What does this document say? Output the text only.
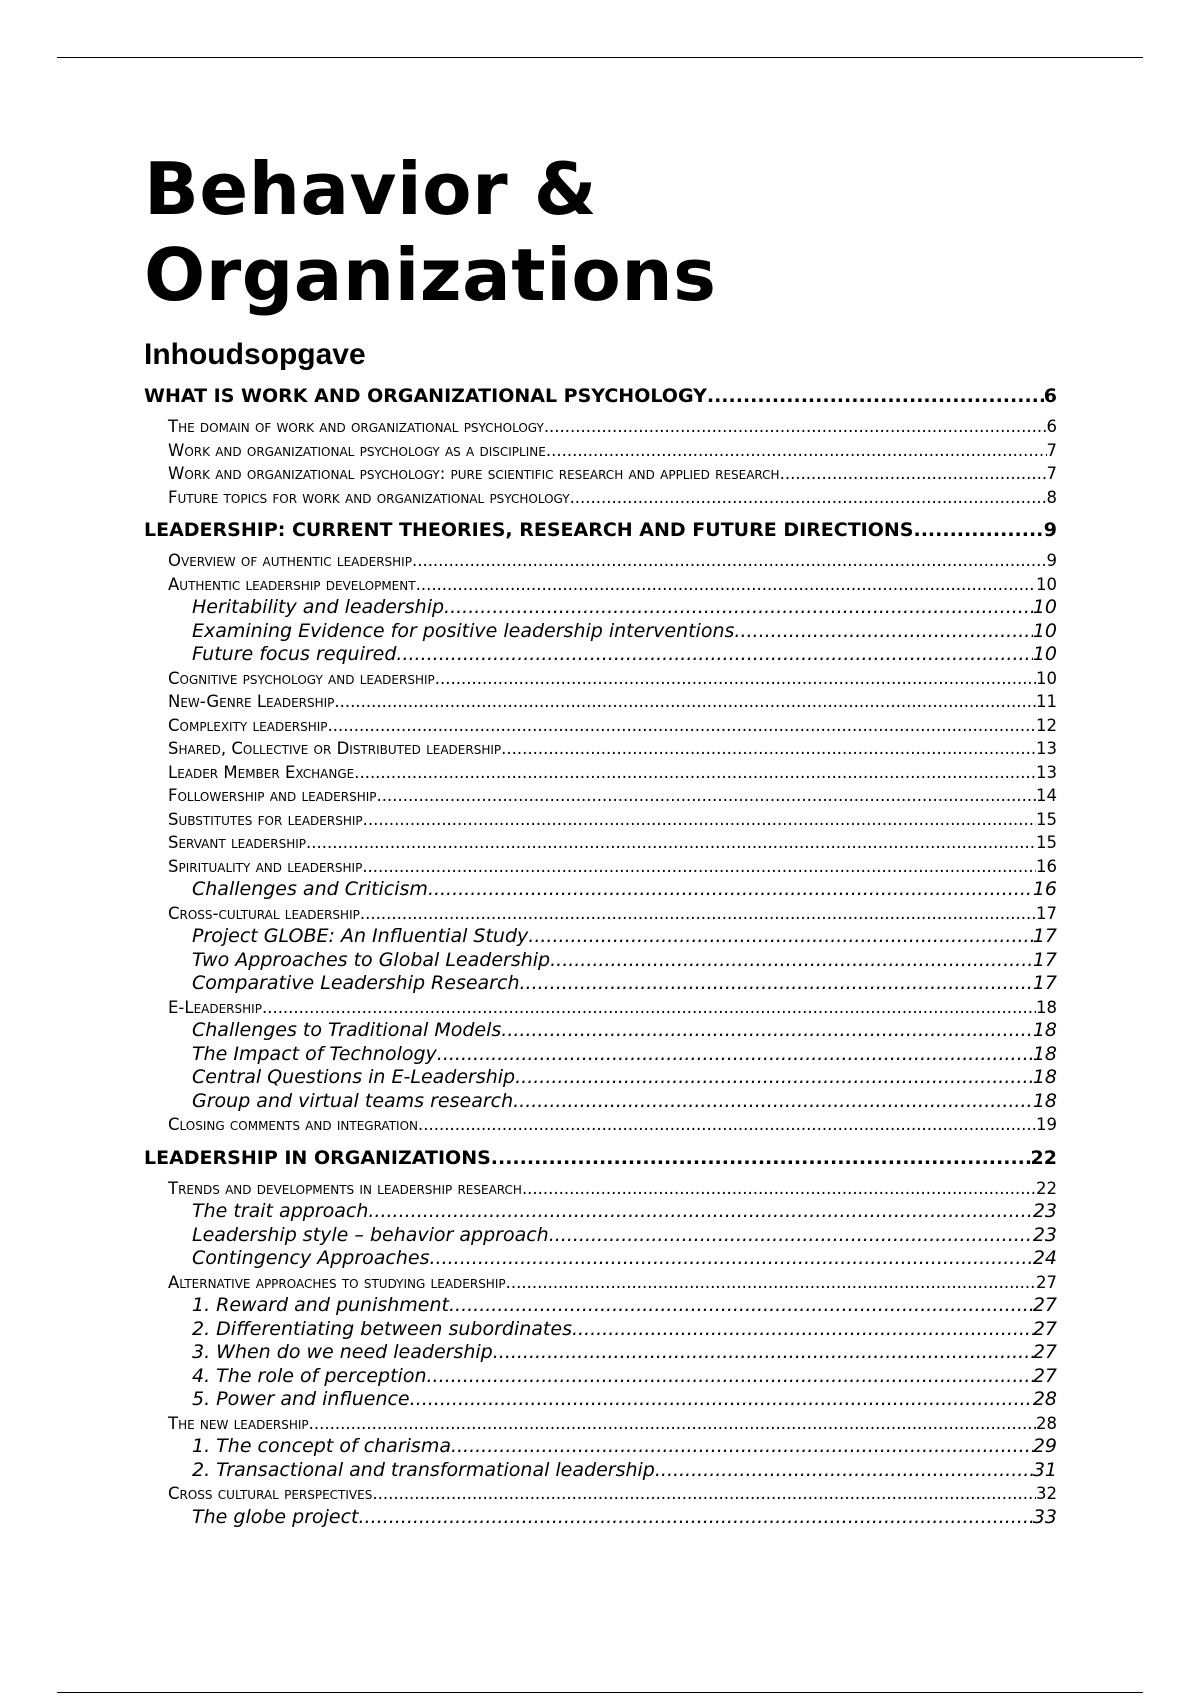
Behavior &
Organizations
Inhoudsopgave
WHAT IS WORK AND ORGANIZATIONAL PSYCHOLOGY .....	6
The domain of work and organizational psychology .....	6
Work and organizational psychology as a discipline .....	7
Work and organizational psychology: pure scientific research and applied research .....	7
Future topics for work and organizational psychology .....	8
LEADERSHIP: CURRENT THEORIES, RESEARCH AND FUTURE DIRECTIONS .....	9
Overview of authentic leadership .....	9
Authentic leadership development .....	10
Heritability and leadership .....	10
Examining Evidence for positive leadership interventions .....	10
Future focus required .....	10
Cognitive psychology and leadership .....	10
New-Genre Leadership .....	11
Complexity leadership .....	12
Shared, Collective or Distributed leadership .....	13
Leader Member Exchange .....	13
Followership and leadership .....	14
Substitutes for leadership .....	15
Servant leadership .....	15
Spirituality and leadership .....	16
Challenges and Criticism .....	16
Cross-cultural leadership .....	17
Project GLOBE: An Influential Study .....	17
Two Approaches to Global Leadership .....	17
Comparative Leadership Research .....	17
E-Leadership .....	18
Challenges to Traditional Models .....	18
The Impact of Technology .....	18
Central Questions in E-Leadership .....	18
Group and virtual teams research .....	18
Closing comments and integration .....	19
LEADERSHIP IN ORGANIZATIONS .....	22
Trends and developments in leadership research .....	22
The trait approach .....	23
Leadership style – behavior approach .....	23
Contingency Approaches .....	24
Alternative approaches to studying leadership .....	27
1. Reward and punishment .....	27
2. Differentiating between subordinates .....	27
3. When do we need leadership .....	27
4. The role of perception .....	27
5. Power and influence .....	28
The new leadership .....	28
1. The concept of charisma .....	29
2. Transactional and transformational leadership .....	31
Cross cultural perspectives .....	32
The globe project .....	33
